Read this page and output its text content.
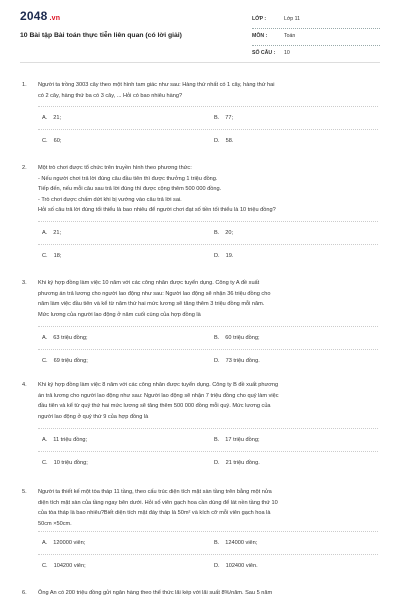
2048 .vn
10 Bài tập Bài toán thực tiễn liên quan (có lời giải)
LỚP :	Lớp 11
MÔN :	Toán
SỐ CÂU : 10
1.	Người ta trồng 3003 cây theo một hình tam giác như sau: Hàng thứ nhất có 1 cây, hàng thứ hai
có 2 cây, hàng thứ ba có 3 cây, ... Hỏi có bao nhiêu hàng?
A. 21;	B. 77;
C. 60;	D. 58.
2.	Một trò chơi được tổ chức trên truyền hình theo phương thức:
- Nếu người chơi trả lời đúng câu đầu tiên thì được thưởng 1 triệu đồng.
Tiếp đến, nếu mỗi câu sau trả lời đúng thì được cộng thêm 500 000 đồng.
- Trò chơi được chấm dứt khi bị vướng vào câu trả lời sai.
Hỏi số câu trả lời đúng tối thiểu là bao nhiêu để người chơi đạt số tiền tối thiểu là 10 triệu đồng?
A. 21;	B. 20;
C. 18;	D. 19.
3.	Khi ký hợp đồng làm việc 10 năm với các công nhân được tuyển dụng. Công ty A đề xuất
phương án trả lương cho người lao động như sau: Người lao động sẽ nhận 36 triệu đồng cho
năm làm việc đầu tiên và kể từ năm thứ hai mức lương sẽ tăng thêm 3 triệu đồng mỗi năm.
Mức lương của người lao động ở năm cuối cùng của hợp đồng là
A. 63 triệu đồng;	B. 60 triệu đồng;
C. 69 triệu đồng;	D. 73 triệu đồng.
4.	Khi ký hợp đồng làm việc 8 năm với các công nhân được tuyển dụng. Công ty B đề xuất phương
án trả lương cho người lao động như sau: Người lao động sẽ nhận 7 triệu đồng cho quý làm việc
đầu tiên và kể từ quý thứ hai mức lương sẽ tăng thêm 500 000 đồng mỗi quý. Mức lương của
người lao động ở quý thứ 9 của hợp đồng là
A. 11 triệu đồng;	B. 17 triệu đồng;
C. 10 triệu đồng;	D. 21 triệu đồng.
5.	Người ta thiết kế một tòa tháp 11 tầng, theo cấu trúc diện tích mặt sàn tầng trên bằng một nửa
diện tích mặt sàn của tầng ngay bên dưới. Hỏi số viên gạch hoa cần dùng để lát nền tầng thứ 10
của tòa tháp là bao nhiêu?Biết diện tích mặt đáy tháp là 50m² và kích cỡ mỗi viên gạch hoa là
50cm ×50cm.
A. 120000 viên;	B. 124000 viên;
C. 104200 viên;	D. 102400 viên.
6.	Ông An có 200 triệu đồng gửi ngân hàng theo thể thức lãi kép với lãi suất 8%/năm. Sau 5 năm
